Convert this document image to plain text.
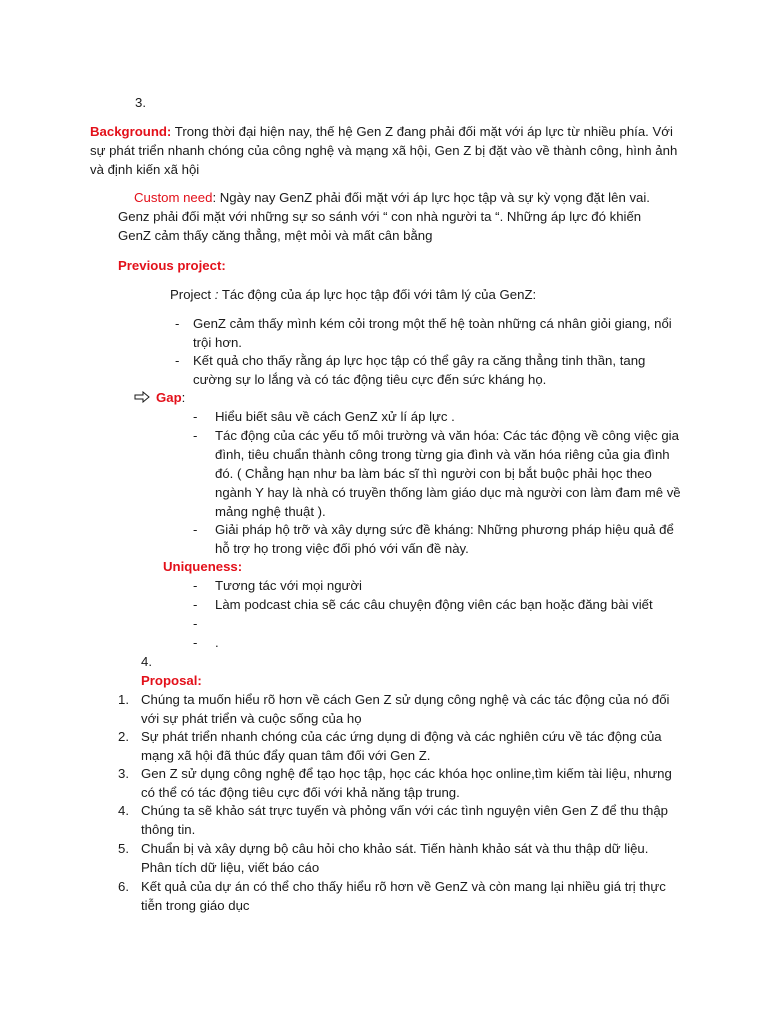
3.
Background: Trong thời đại hiện nay, thế hệ Gen Z đang phải đối mặt với áp lực từ nhiều phía. Với sự phát triển nhanh chóng của công nghệ và mạng xã hội, Gen Z bị đặt vào về thành công, hình ảnh và định kiến xã hội
Custom need: Ngày nay GenZ phải đối mặt với áp lực học tập và sự kỳ vọng đặt lên vai. Genz phải đối mặt với những sự so sánh với “ con nhà người ta “. Những áp lực đó khiến GenZ cảm thấy căng thẳng, mệt mỏi và mất cân bằng
Previous project:
Project : Tác động của áp lực học tập đối với tâm lý của GenZ:
- GenZ cảm thấy mình kém cỏi trong một thế hệ toàn những cá nhân giỏi giang, nổi trội hơn.
- Kết quả cho thấy rằng áp lực học tập có thể gây ra căng thẳng tinh thần, tang cường sự lo lắng và có tác động tiêu cực đến sức kháng họ.
Gap:
- Hiểu biết sâu về cách GenZ xử lí áp lực .
- Tác động của các yếu tố môi trường và văn hóa: Các tác động về công việc gia đình, tiêu chuẩn thành công trong từng gia đình và văn hóa riêng của gia đình đó. ( Chẳng hạn như ba làm bác sĩ thì người con bị bắt buộc phải học theo ngành Y hay là nhà có truyền thống làm giáo dục mà người con làm đam mê về mảng nghệ thuật ).
- Giải pháp hộ trỡ và xây dựng sức đề kháng: Những phương pháp hiệu quả để hỗ trợ họ trong việc đối phó với vấn đề này.
Uniqueness:
- Tương tác với mọi người
- Làm podcast chia sẽ các câu chuyện động viên các bạn hoặc đăng bài viết
-
- .
4.
Proposal:
1. Chúng ta muốn hiểu rõ hơn về cách Gen Z sử dụng công nghệ và các tác động của nó đối với sự phát triển và cuộc sống của họ
2. Sự phát triển nhanh chóng của các ứng dụng di động và các nghiên cứu về tác động của mạng xã hội đã thúc đẩy quan tâm đối với Gen Z.
3. Gen Z sử dụng công nghệ để tạo học tập, học các khóa học online,tìm kiếm tài liệu, nhưng có thể có tác động tiêu cực đối với khả năng tập trung.
4. Chúng ta sẽ khảo sát trực tuyến và phỏng vấn với các tình nguyện viên Gen Z để thu thập thông tin.
5. Chuẩn bị và xây dựng bộ câu hỏi cho khảo sát. Tiến hành khảo sát và thu thập dữ liệu. Phân tích dữ liệu, viết báo cáo
6. Kết quả của dự án có thể cho thấy hiểu rõ hơn về GenZ và còn mang lại nhiều giá trị thực tiễn trong giáo dục
